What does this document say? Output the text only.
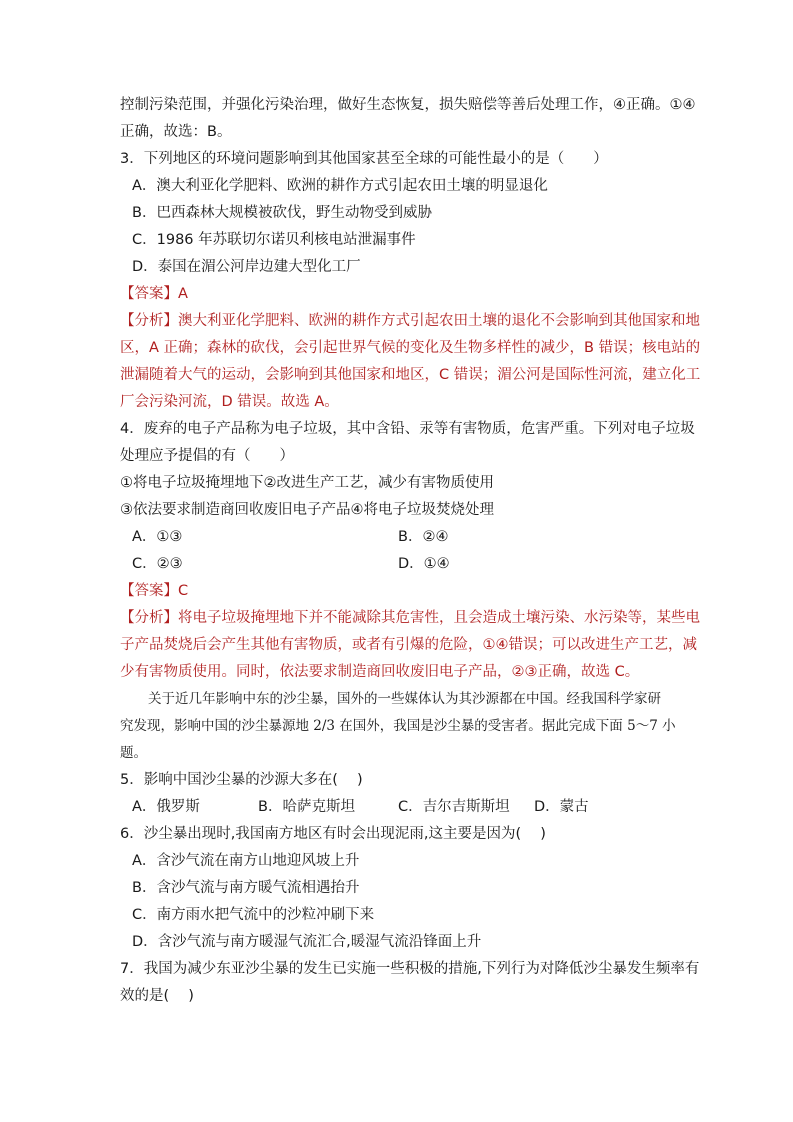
控制污染范围，并强化污染治理，做好生态恢复，损失赔偿等善后处理工作，④正确。①④
正确，故选：B。
3．下列地区的环境问题影响到其他国家甚至全球的可能性最小的是（　　）
A．澳大利亚化学肥料、欧洲的耕作方式引起农田土壤的明显退化
B．巴西森林大规模被砍伐，野生动物受到威胁
C．1986 年苏联切尔诺贝利核电站泄漏事件
D．泰国在湄公河岸边建大型化工厂
【答案】A
【分析】澳大利亚化学肥料、欧洲的耕作方式引起农田土壤的退化不会影响到其他国家和地
区，A 正确；森林的砍伐，会引起世界气候的变化及生物多样性的减少，B 错误；核电站的
泄漏随着大气的运动，会影响到其他国家和地区，C 错误；湄公河是国际性河流，建立化工
厂会污染河流，D 错误。故选 A。
4．废弃的电子产品称为电子垃圾，其中含铅、汞等有害物质，危害严重。下列对电子垃圾
处理应予提倡的有（　　）
①将电子垃圾掩埋地下②改进生产工艺，减少有害物质使用
③依法要求制造商回收废旧电子产品④将电子垃圾焚烧处理
A．①③	B．②④
C．②③	D．①④
【答案】C
【分析】将电子垃圾掩埋地下并不能减除其危害性，且会造成土壤污染、水污染等，某些电
子产品焚烧后会产生其他有害物质，或者有引爆的危险，①④错误；可以改进生产工艺，减
少有害物质使用。同时，依法要求制造商回收废旧电子产品，②③正确，故选 C。
关于近几年影响中东的沙尘暴，国外的一些媒体认为其沙源都在中国。经我国科学家研
究发现，影响中国的沙尘暴源地 2/3 在国外，我国是沙尘暴的受害者。据此完成下面 5～7 小
题。
5．影响中国沙尘暴的沙源大多在(　 )
A．俄罗斯	B．哈萨克斯坦	C．吉尔吉斯斯坦	D．蒙古
6．沙尘暴出现时,我国南方地区有时会出现泥雨,这主要是因为(　 )
A．含沙气流在南方山地迎风坡上升
B．含沙气流与南方暖气流相遇抬升
C．南方雨水把气流中的沙粒冲刷下来
D．含沙气流与南方暖湿气流汇合,暖湿气流沿锋面上升
7．我国为减少东亚沙尘暴的发生已实施一些积极的措施,下列行为对降低沙尘暴发生频率有
效的是(　 )
